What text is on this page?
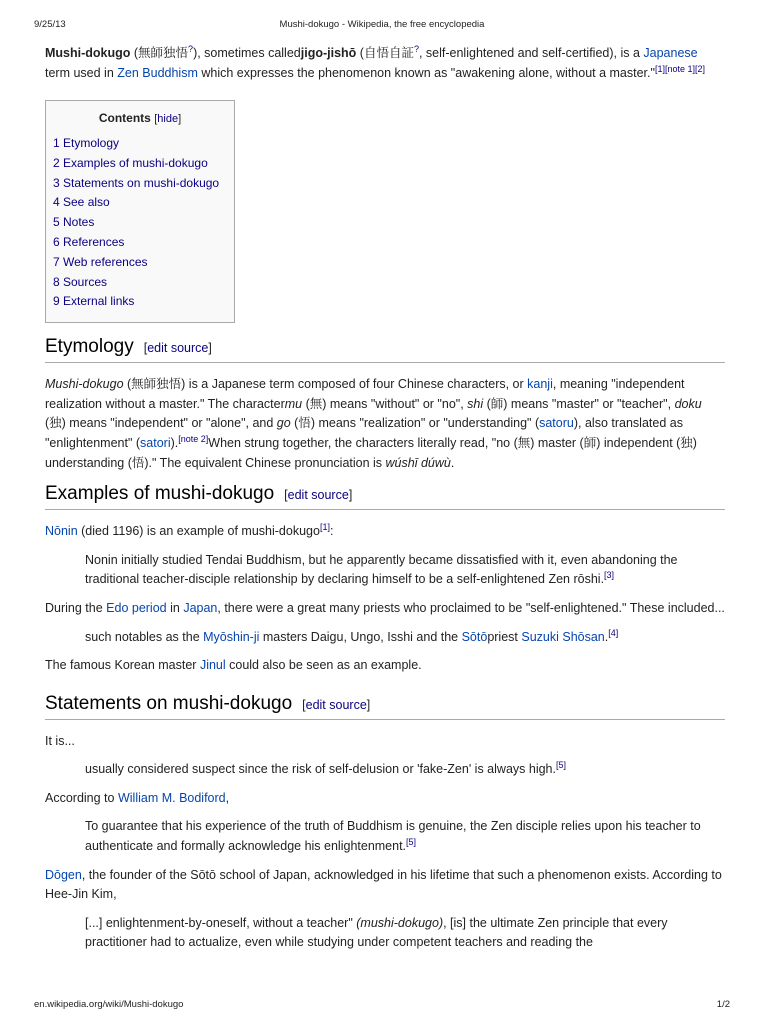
9/25/13	Mushi-dokugo - Wikipedia, the free encyclopedia

Mushi-dokugo (無師独悟?), sometimes calledjigo-jishō (自悟自証?, self-enlightened and self-certified), is a Japanese term used in Zen Buddhism which expresses the phenomenon known as "awakening alone, without a master."[1][note 1][2]

Contents [hide]
1 Etymology
2 Examples of mushi-dokugo
3 Statements on mushi-dokugo
4 See also
5 Notes
6 References
7 Web references
8 Sources
9 External links
Etymology [edit source]

Mushi-dokugo (無師独悟) is a Japanese term composed of four Chinese characters, or kanji, meaning "independent realization without a master." The charactermu (無) means "without" or "no", shi (師) means "master" or "teacher", doku (独) means "independent" or "alone", and go (悟) means "realization" or "understanding" (satoru), also translated as "enlightenment" (satori).[note 2]When strung together, the characters literally read, "no (無) master (師) independent (独) understanding (悟)." The equivalent Chinese pronunciation is wúshī dúwù.

Examples of mushi-dokugo [edit source]

Nōnin (died 1196) is an example of mushi-dokugo[1]:

Nonin initially studied Tendai Buddhism, but he apparently became dissatisfied with it, even abandoning the traditional teacher-disciple relationship by declaring himself to be a self-enlightened Zen rōshi.[3]

During the Edo period in Japan, there were a great many priests who proclaimed to be "self-enlightened." These included...

such notables as the Myōshin-ji masters Daigu, Ungo, Isshi and the Sōtōpriest Suzuki Shōsan.[4]

The famous Korean master Jinul could also be seen as an example.

Statements on mushi-dokugo [edit source]

It is...

usually considered suspect since the risk of self-delusion or 'fake-Zen' is always high.[5]

According to William M. Bodiford,

To guarantee that his experience of the truth of Buddhism is genuine, the Zen disciple relies upon his teacher to authenticate and formally acknowledge his enlightenment.[5]

Dōgen, the founder of the Sōtō school of Japan, acknowledged in his lifetime that such a phenomenon exists. According to Hee-Jin Kim,

[...] enlightenment-by-oneself, without a teacher" (mushi-dokugo), [is] the ultimate Zen principle that every practitioner had to actualize, even while studying under competent teachers and reading the

en.wikipedia.org/wiki/Mushi-dokugo	1/2
